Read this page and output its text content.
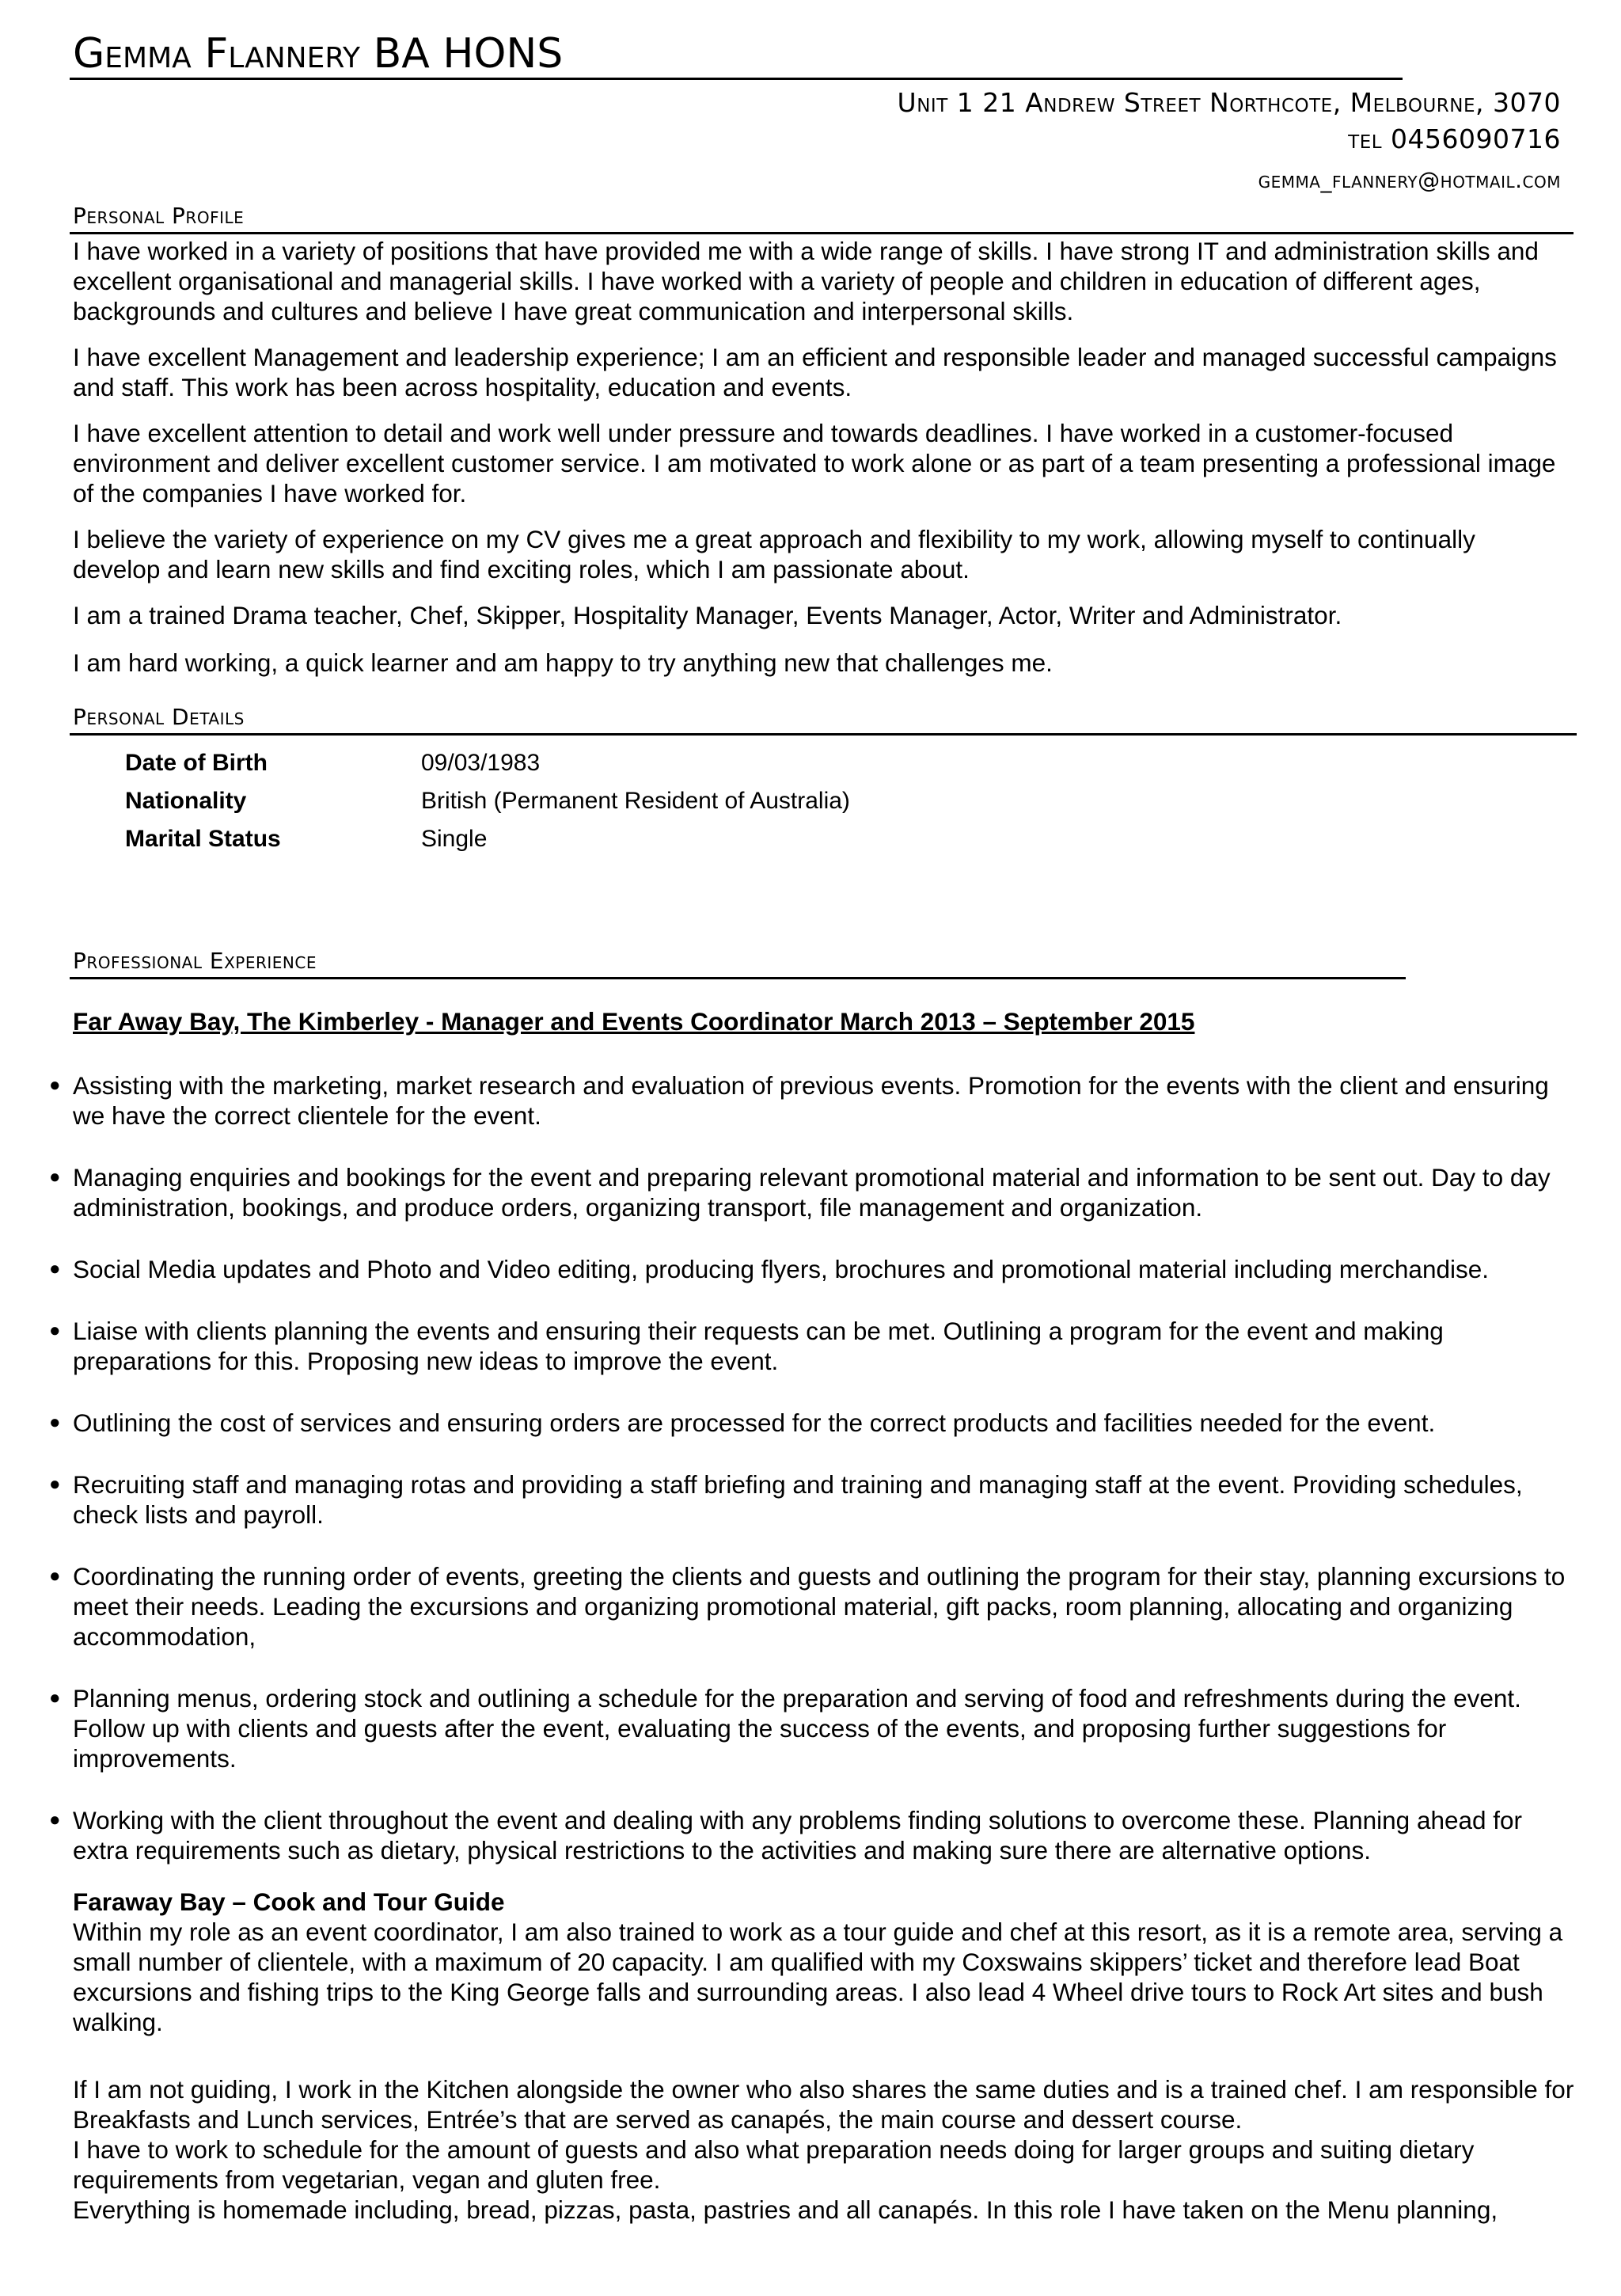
Gemma Flannery BA HONS
Unit 1 21 Andrew Street Northcote, Melbourne, 3070
tel 0456090716
gemma_flannery@hotmail.com
Personal Profile

I have worked in a variety of positions that have provided me with a wide range of skills. I have strong IT and administration skills and excellent organisational and managerial skills. I have worked with a variety of people and children in education of different ages, backgrounds and cultures and believe I have great communication and interpersonal skills.

I have excellent Management and leadership experience; I am an efficient and responsible leader and managed successful campaigns and staff. This work has been across hospitality, education and events.

I have excellent attention to detail and work well under pressure and towards deadlines. I have worked in a customer-focused environment and deliver excellent customer service. I am motivated to work alone or as part of a team presenting a professional image of the companies I have worked for.

I believe the variety of experience on my CV gives me a great approach and flexibility to my work, allowing myself to continually develop and learn new skills and find exciting roles, which I am passionate about.

I am a trained Drama teacher, Chef, Skipper, Hospitality Manager, Events Manager, Actor, Writer and Administrator.

I am hard working, a quick learner and am happy to try anything new that challenges me.

Personal Details
Date of Birth	09/03/1983
Nationality	British (Permanent Resident of Australia)
Marital Status	Single
Professional Experience
Far Away Bay, The Kimberley - Manager and Events Coordinator March 2013 – September 2015
● Assisting with the marketing, market research and evaluation of previous events. Promotion for the events with the client and ensuring we have the correct clientele for the event.
● Managing enquiries and bookings for the event and preparing relevant promotional material and information to be sent out. Day to day administration, bookings, and produce orders, organizing transport, file management and organization.
● Social Media updates and Photo and Video editing, producing flyers, brochures and promotional material including merchandise.
● Liaise with clients planning the events and ensuring their requests can be met. Outlining a program for the event and making preparations for this. Proposing new ideas to improve the event.
● Outlining the cost of services and ensuring orders are processed for the correct products and facilities needed for the event.
● Recruiting staff and managing rotas and providing a staff briefing and training and managing staff at the event. Providing schedules, check lists and payroll.
● Coordinating the running order of events, greeting the clients and guests and outlining the program for their stay, planning excursions to meet their needs. Leading the excursions and organizing promotional material, gift packs, room planning, allocating and organizing accommodation,
● Planning menus, ordering stock and outlining a schedule for the preparation and serving of food and refreshments during the event. Follow up with clients and guests after the event, evaluating the success of the events, and proposing further suggestions for improvements.
● Working with the client throughout the event and dealing with any problems finding solutions to overcome these. Planning ahead for extra requirements such as dietary, physical restrictions to the activities and making sure there are alternative options.
Faraway Bay – Cook and Tour Guide
Within my role as an event coordinator, I am also trained to work as a tour guide and chef at this resort, as it is a remote area, serving a small number of clientele, with a maximum of 20 capacity. I am qualified with my Coxswains skippers’ ticket and therefore lead Boat excursions and fishing trips to the King George falls and surrounding areas. I also lead 4 Wheel drive tours to Rock Art sites and bush walking.
If I am not guiding, I work in the Kitchen alongside the owner who also shares the same duties and is a trained chef. I am responsible for Breakfasts and Lunch services, Entrée’s that are served as canapés, the main course and dessert course.
I have to work to schedule for the amount of guests and also what preparation needs doing for larger groups and suiting dietary requirements from vegetarian, vegan and gluten free.
Everything is homemade including, bread, pizzas, pasta, pastries and all canapés. In this role I have taken on the Menu planning,
